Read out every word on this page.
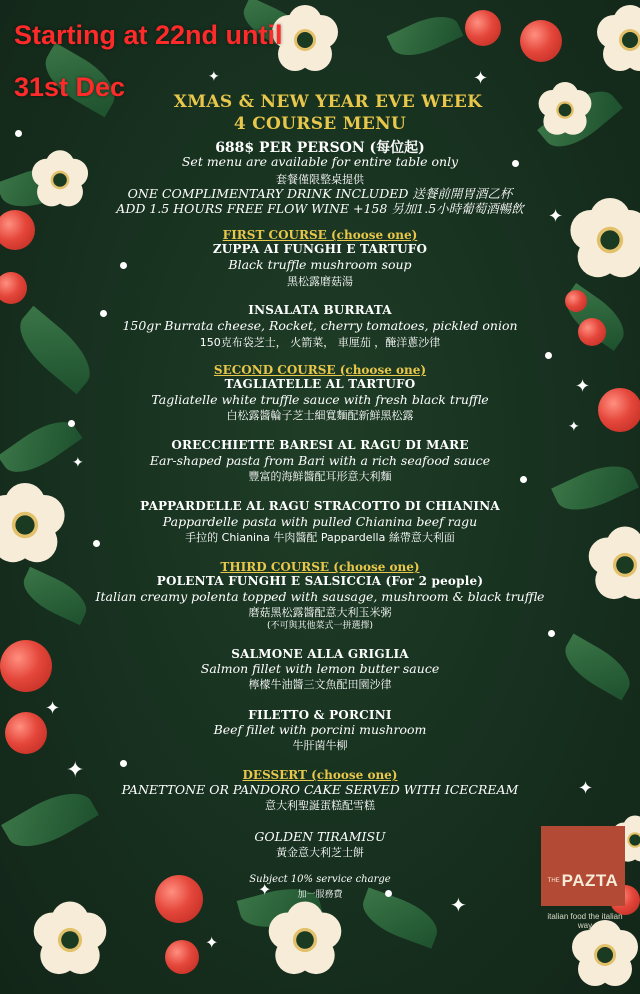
✦
✦
✦
✦
✦
✦
✦
✦
✦
✦
✦
✦
Starting at 22nd until
31st Dec	XMAS & NEW YEAR EVE WEEK
4 COURSE MENU
688$ PER PERSON (每位起)
Set menu are available for entire table only
套餐僅限整桌提供
ONE COMPLIMENTARY DRINK INCLUDED 送餐前開胃酒乙杯
ADD 1.5 HOURS FREE FLOW WINE +158 另加1.5小時葡萄酒暢飲
FIRST COURSE (choose one)
ZUPPA AI FUNGHI E TARTUFO
Black truffle mushroom soup
黑松露磨菇湯
INSALATA BURRATA
150gr Burrata cheese, Rocket, cherry tomatoes, pickled onion
150克布袋芝士， 火箭菜， 車厘茄 ，醃洋蔥沙律
SECOND COURSE (choose one)
TAGLIATELLE AL TARTUFO
Tagliatelle white truffle sauce with fresh black truffle
白松露醬輪子芝士細寬麵配新鮮黑松露
ORECCHIETTE BARESI AL RAGU DI MARE
Ear-shaped pasta from Bari with a rich seafood sauce
豐富的海鮮醬配耳形意大利麵
PAPPARDELLE AL RAGU STRACOTTO DI CHIANINA
Pappardelle pasta with pulled Chianina beef ragu
手拉的 Chianina 牛肉醬配 Pappardella 絲帶意大利面
THIRD COURSE (choose one)
POLENTA FUNGHI E SALSICCIA (For 2 people)
Italian creamy polenta topped with sausage, mushroom & black truffle
磨菇黑松露醬配意大利玉米粥
(不可與其他菜式一拼選擇)
SALMONE ALLA GRIGLIA
Salmon fillet with lemon butter sauce
檸檬牛油醬三文魚配田園沙律
FILETTO & PORCINI
Beef fillet with porcini mushroom
牛肝菌牛柳
DESSERT (choose one)
PANETTONE OR PANDORO CAKE SERVED WITH ICECREAM
意大利聖誕蛋糕配雪糕
GOLDEN TIRAMISU
黃金意大利芝士餅
Subject 10% service charge
加一服務費
THE PAZTA
italian food the italian way
